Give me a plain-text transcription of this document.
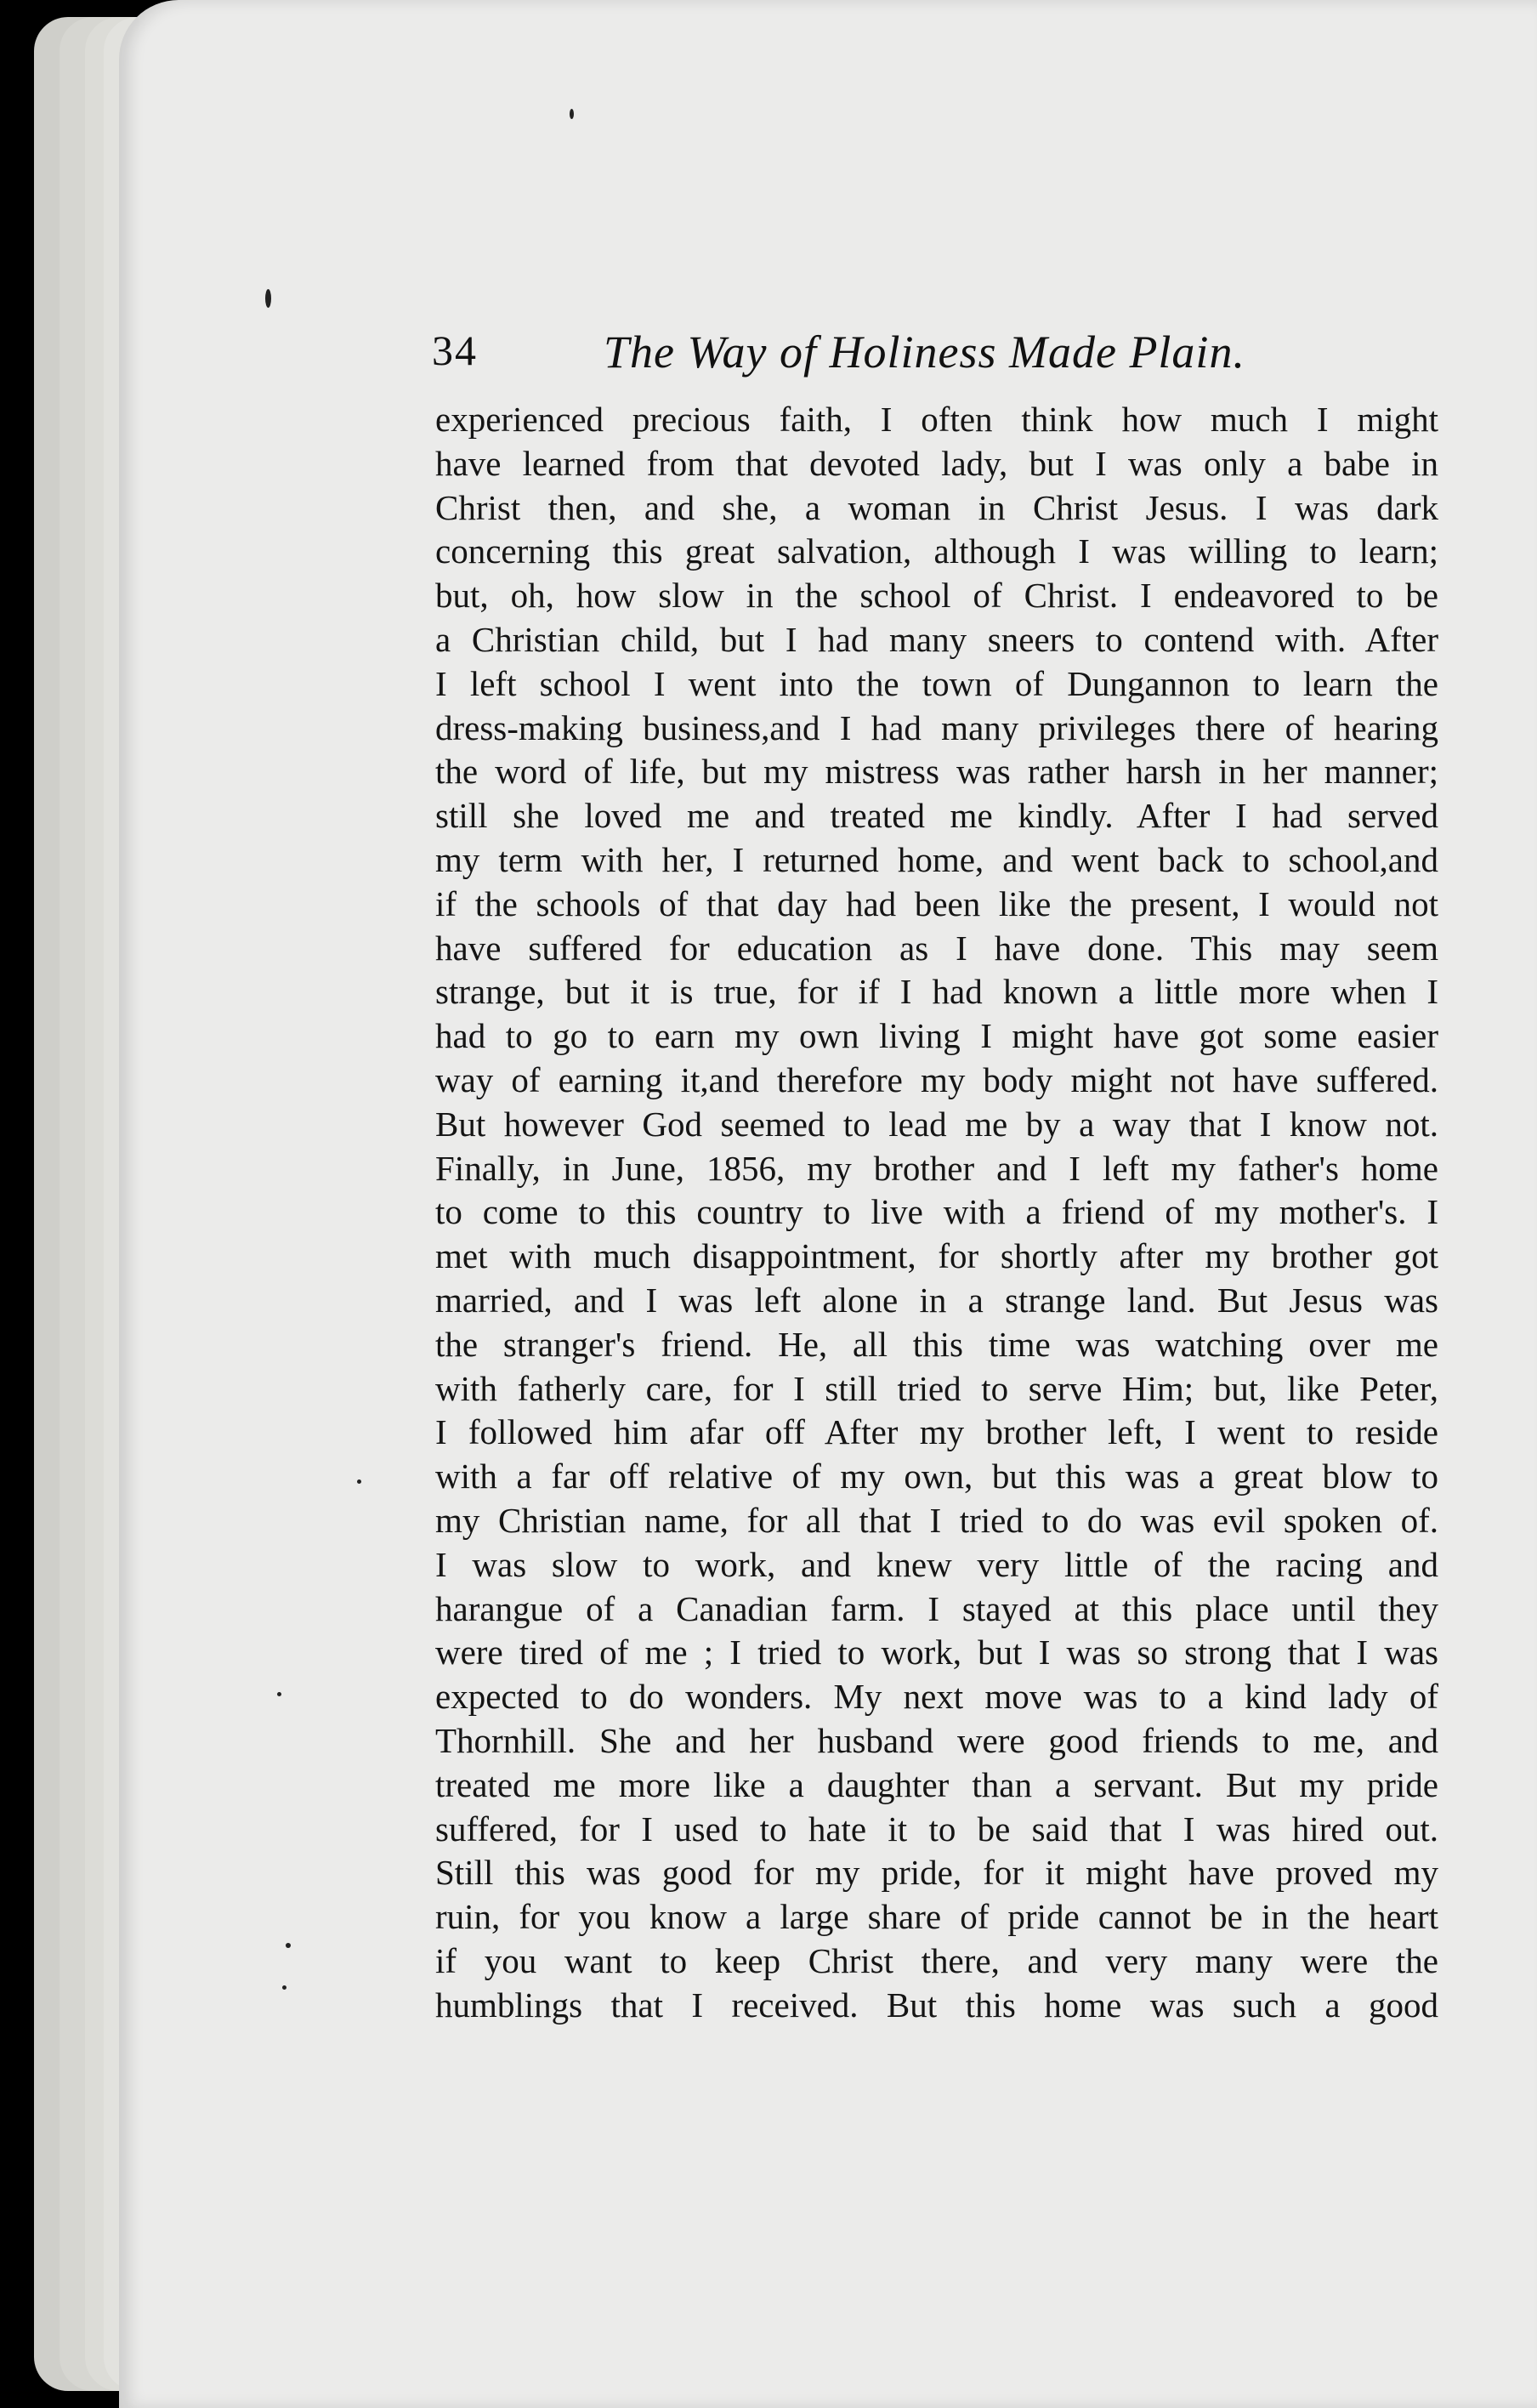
34	The Way of Holiness Made Plain.
experienced precious faith, I often think how much I might
have learned from that devoted lady, but I was only a babe in
Christ then, and she, a woman in Christ Jesus. I was dark
concerning this great salvation, although I was willing to learn;
but, oh, how slow in the school of Christ. I endeavored to be
a Christian child, but I had many sneers to contend with. After
I left school I went into the town of Dungannon to learn the
dress-making business,and I had many privileges there of hearing
the word of life, but my mistress was rather harsh in her manner;
still she loved me and treated me kindly. After I had served
my term with her, I returned home, and went back to school,and
if the schools of that day had been like the present, I would not
have suffered for education as I have done. This may seem
strange, but it is true, for if I had known a little more when I
had to go to earn my own living I might have got some easier
way of earning it,and therefore my body might not have suffered.
But however God seemed to lead me by a way that I know not.
Finally, in June, 1856, my brother and I left my father's home
to come to this country to live with a friend of my mother's. I
met with much disappointment, for shortly after my brother got
married, and I was left alone in a strange land. But Jesus was
the stranger's friend. He, all this time was watching over me
with fatherly care, for I still tried to serve Him; but, like Peter,
I followed him afar off After my brother left, I went to reside
with a far off relative of my own, but this was a great blow to
my Christian name, for all that I tried to do was evil spoken of.
I was slow to work, and knew very little of the racing and
harangue of a Canadian farm. I stayed at this place until they
were tired of me ; I tried to work, but I was so strong that I was
expected to do wonders. My next move was to a kind lady of
Thornhill. She and her husband were good friends to me, and
treated me more like a daughter than a servant. But my pride
suffered, for I used to hate it to be said that I was hired out.
Still this was good for my pride, for it might have proved my
ruin, for you know a large share of pride cannot be in the heart
if you want to keep Christ there, and very many were the
humblings that I received. But this home was such a good
